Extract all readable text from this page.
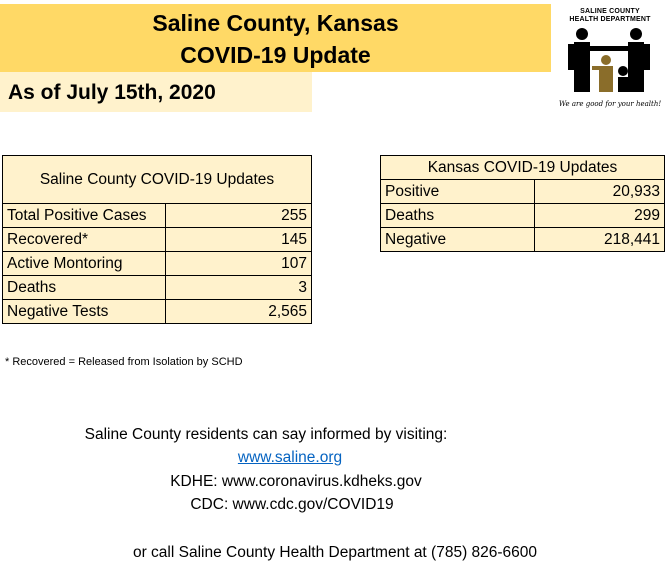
Saline County, Kansas
COVID-19 Update
As of July 15th, 2020
SALINE COUNTY
HEALTH DEPARTMENT
We are good for your health!
Saline County COVID-19 Updates	
Total Positive Cases	255
Recovered*	145
Active Montoring	107
Deaths	3
Negative Tests	2,565
Kansas COVID-19 Updates	
Positive	20,933
Deaths	299
Negative	218,441
* Recovered = Released from Isolation by SCHD
Saline County residents can say informed by visiting:
www.saline.org
KDHE: www.coronavirus.kdheks.gov
CDC: www.cdc.gov/COVID19
or call Saline County Health Department at (785) 826-6600
